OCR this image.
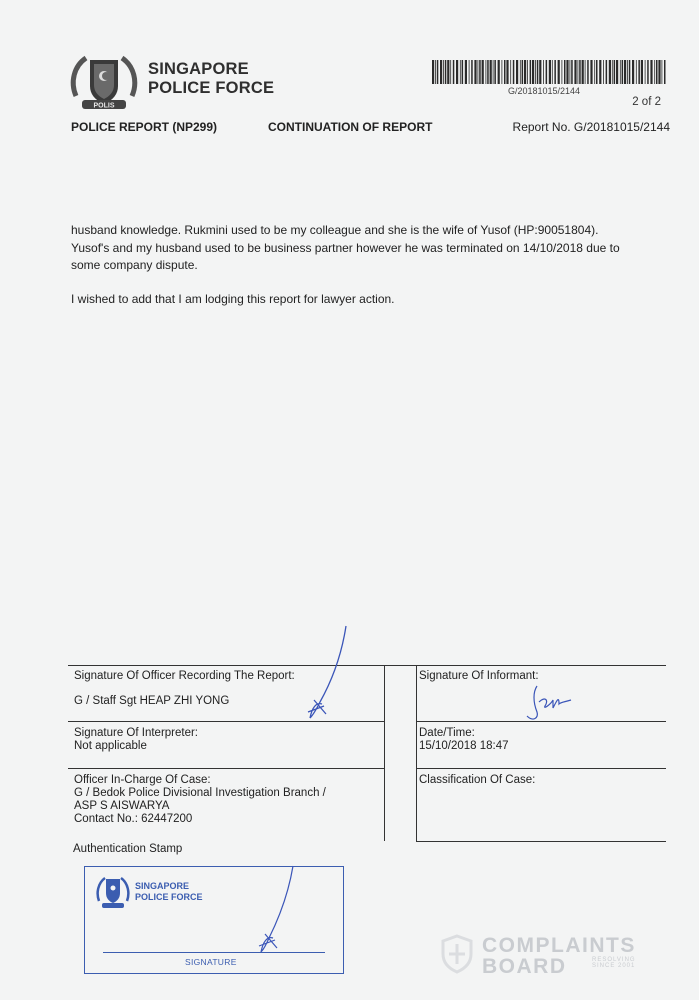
POLIS
SINGAPORE
POLICE FORCE	G/20181015/2144
2 of 2
POLICE REPORT (NP299)	CONTINUATION OF REPORT	Report No. G/20181015/2144

husband knowledge. Rukmini used to be my colleague and she is the wife of Yusof (HP:90051804).

Yusof's and my husband used to be business partner however he was terminated on 14/10/2018 due to

some company dispute.

I wished to add that I am lodging this report for lawyer action.

Signature Of Officer Recording The Report:
G / Staff Sgt HEAP ZHI YONG
Signature Of Informant:
Signature Of Interpreter:
Not applicable
Date/Time:
15/10/2018 18:47
Officer In-Charge Of Case:
G / Bedok Police Divisional Investigation Branch /
ASP S AISWARYA
Contact No.: 62447200
Classification Of Case:
Authentication Stamp
SINGAPORE
POLICE FORCE
SIGNATURE
COMPLAINTS
BOARD	RESOLVING
SINCE 2001
